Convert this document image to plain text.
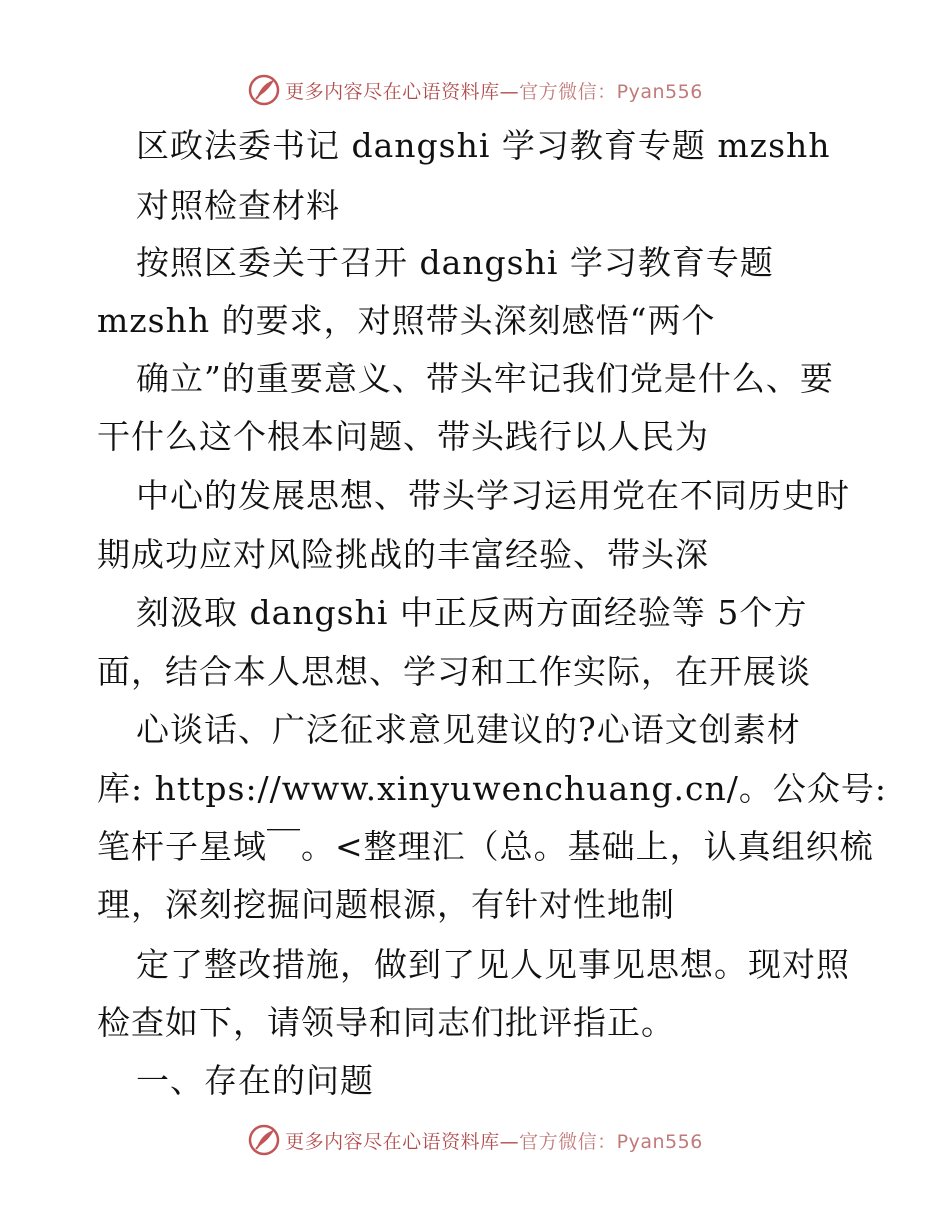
更多内容尽在心语资料库— 官方微信：Pyan556
区政法委书记 dangshi 学习教育专题 mzshh
对照检查材料
按照区委关于召开 dangshi 学习教育专题
mzshh 的要求，对照带头深刻感悟“两个
确立”的重要意义、带头牢记我们党是什么、要
干什么这个根本问题、带头践行以人民为
中心的发展思想、带头学习运用党在不同历史时
期成功应对风险挑战的丰富经验、带头深
刻汲取 dangshi 中正反两方面经验等 5个方
面，结合本人思想、学习和工作实际，在开展谈
心谈话、广泛征求意见建议的?心语文创素材
库: https://www.xinyuwenchuang.cn/。公众号:
笔杆子星域￣。<整理汇（总。基础上，认真组织梳
理，深刻挖掘问题根源，有针对性地制
定了整改措施，做到了见人见事见思想。现对照
检查如下，请领导和同志们批评指正。
一、存在的问题
更多内容尽在心语资料库— 官方微信：Pyan556
